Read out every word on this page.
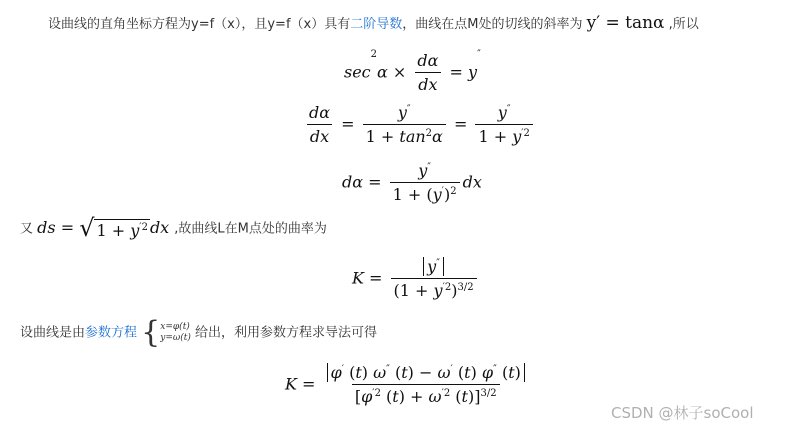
设曲线的直角坐标方程为y=f（x），且y=f（x）具有二阶导数，曲线在点M处的切线的斜率为 y′ = tanα ,所以
$\sec^2\alpha \times \frac{d\alpha}{dx} = y''$
$\frac{d\alpha}{dx} = \frac{y''}{1 + \tan^2\alpha} = \frac{y''}{1 + y^{'2}}$
$d\alpha = \frac{y''}{1 + (y')^2}$ dx
又 ds = √ $1 + y^{'2}$ dx ,故曲线L在M点处的曲率为
$K = \frac{y''}{(1 + y^{'2})^{3/2}}$
设曲线是由参数方程 { x=φ(t)
y=ω(t) 给出，利用参数方程求导法可得
$K = \frac{\varphi' (t) \omega'' (t) - \omega' (t) \varphi'' (t)}{[\varphi^{'2} (t) + \omega^{'2} (t)]^{3/2}}$
CSDN @林子soCool
